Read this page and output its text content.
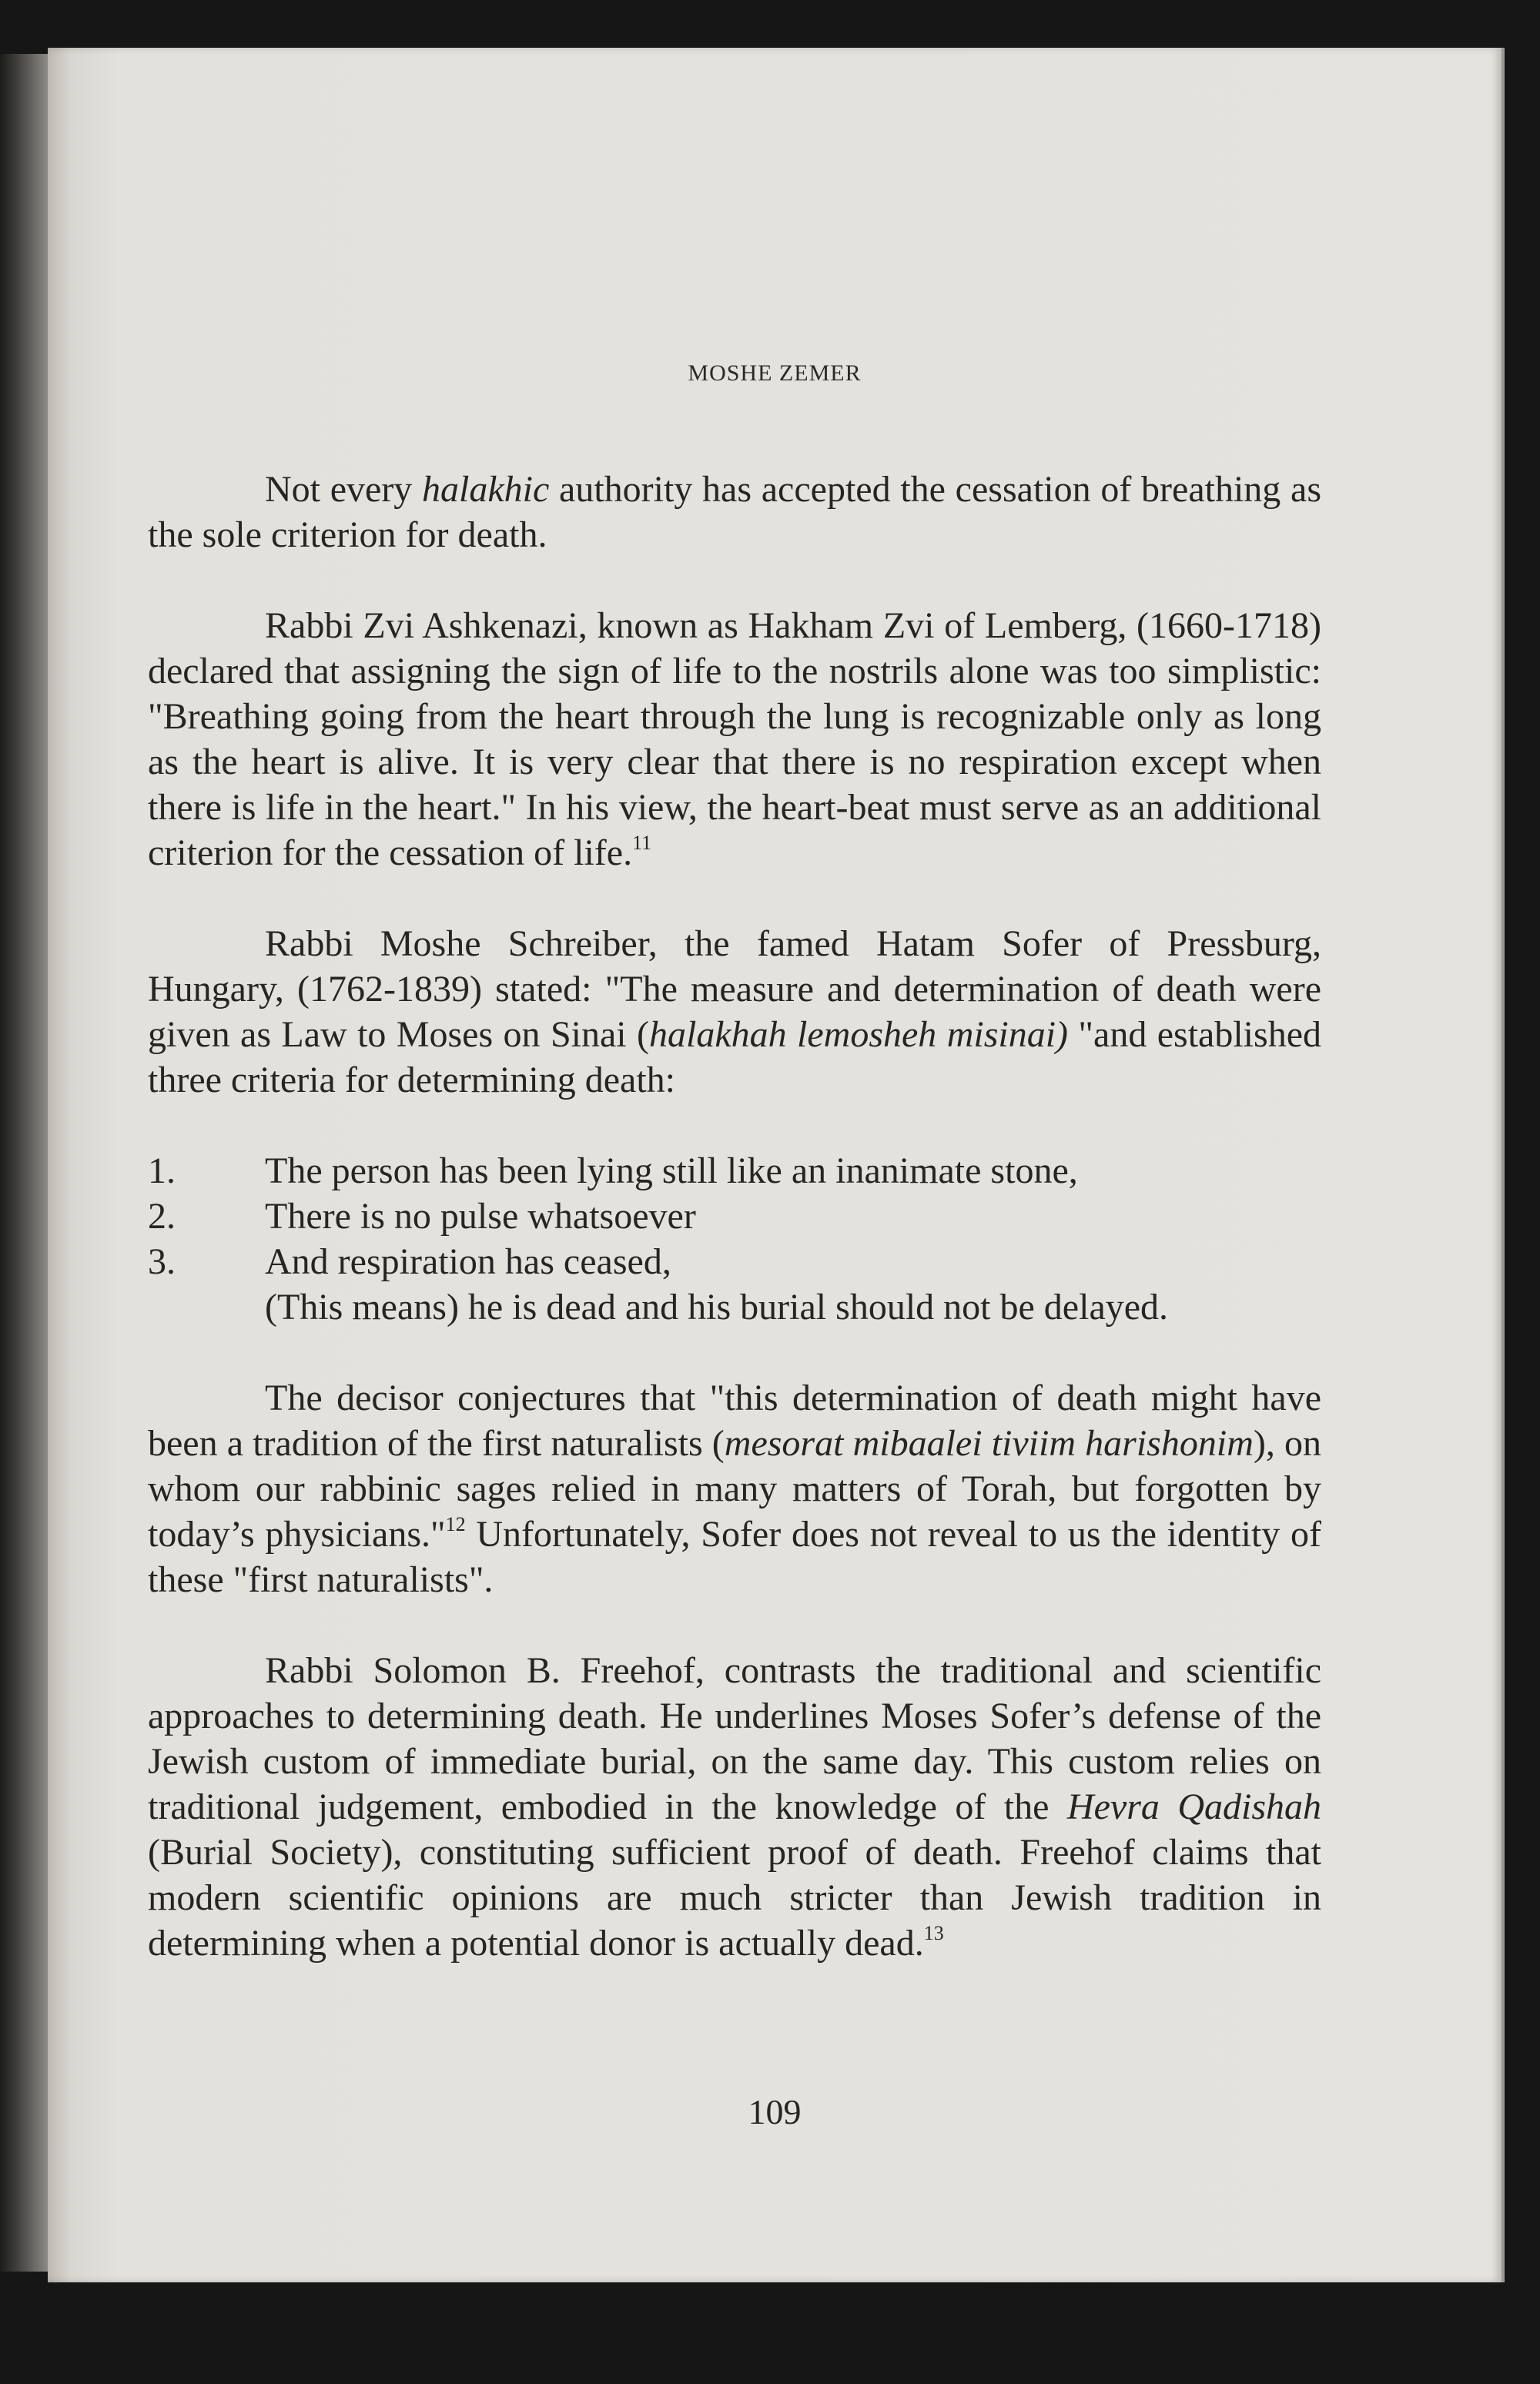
MOSHE ZEMER

Not every halakhic authority has accepted the cessation of breathing as the sole criterion for death.

Rabbi Zvi Ashkenazi, known as Hakham Zvi of Lemberg, (1660-1718) declared that assigning the sign of life to the nostrils alone was too simplistic: "Breathing going from the heart through the lung is recognizable only as long as the heart is alive. It is very clear that there is no respiration except when there is life in the heart." In his view, the heart-beat must serve as an additional criterion for the cessation of life.$^{11}$

Rabbi Moshe Schreiber, the famed Hatam Sofer of Pressburg, Hungary, (1762-1839) stated: "The measure and determination of death were given as Law to Moses on Sinai (halakhah lemosheh misinai) "and established three criteria for determining death:

1. The person has been lying still like an inanimate stone,
2. There is no pulse whatsoever
3. And respiration has ceased,
(This means) he is dead and his burial should not be delayed.

The decisor conjectures that "this determination of death might have been a tradition of the first naturalists (mesorat mibaalei tiviim harishonim), on whom our rabbinic sages relied in many matters of Torah, but forgotten by today’s physicians."$^{12}$ Unfortunately, Sofer does not reveal to us the identity of these "first naturalists".

Rabbi Solomon B. Freehof, contrasts the traditional and scientific approaches to determining death. He underlines Moses Sofer’s defense of the Jewish custom of immediate burial, on the same day. This custom relies on traditional judgement, embodied in the knowledge of the Hevra Qadishah (Burial Society), constituting sufficient proof of death. Freehof claims that modern scientific opinions are much stricter than Jewish tradition in determining when a potential donor is actually dead.$^{13}$

109
